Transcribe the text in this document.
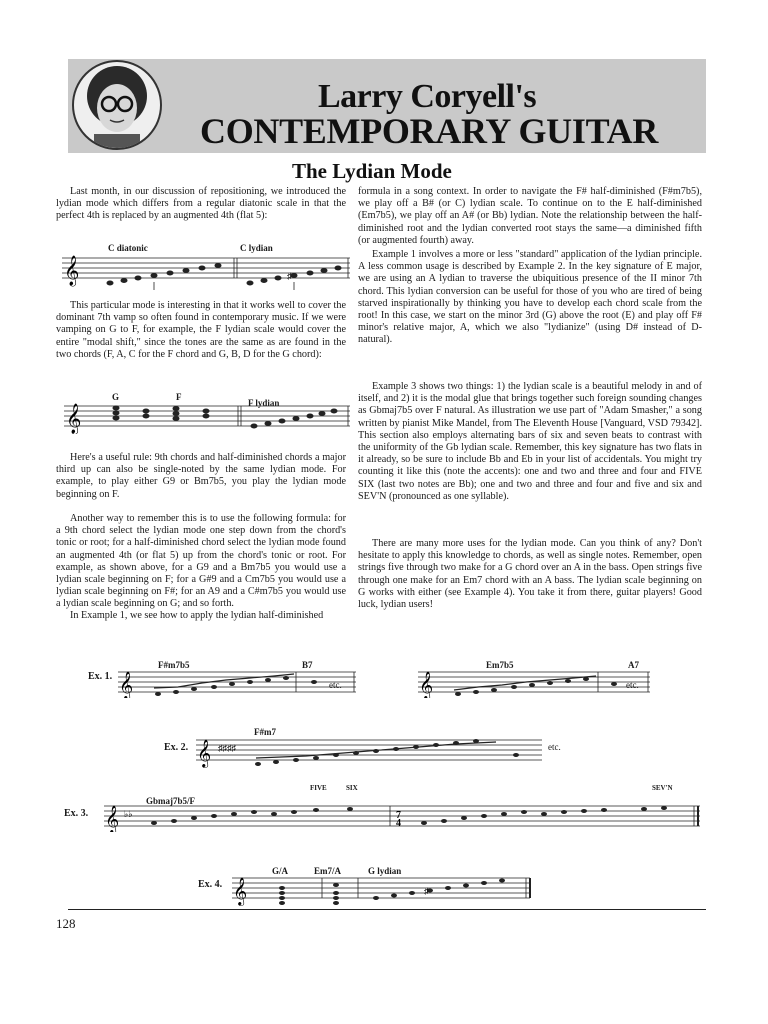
Larry Coryell's
CONTEMPORARY GUITAR
The Lydian Mode

Last month, in our discussion of repositioning, we introduced the lydian mode which differs from a regular diatonic scale in that the perfect 4th is replaced by an augmented 4th (flat 5):

C diatonic	C lydian
𝄞	♯

This particular mode is interesting in that it works well to cover the dominant 7th vamp so often found in contemporary music. If we were vamping on G to F, for example, the F lydian scale would cover the entire "modal shift," since the tones are the same as are found in the two chords (F, A, C for the F chord and G, B, D for the G chord):

G	F
F lydian
𝄞

Here's a useful rule: 9th chords and half-diminished chords a major third up can also be single-noted by the same lydian mode. For example, to play either G9 or Bm7b5, you play the lydian mode beginning on F.

Another way to remember this is to use the following formula: for a 9th chord select the lydian mode one step down from the chord's tonic or root; for a half-diminished chord select the lydian mode found an augmented 4th (or flat 5) up from the chord's tonic or root. For example, as shown above, for a G9 and a Bm7b5 you would use a lydian scale beginning on F; for a G#9 and a Cm7b5 you would use a lydian scale beginning on F#; for an A9 and a C#m7b5 you would use a lydian scale beginning on G; and so forth.

In Example 1, we see how to apply the lydian half-diminished

formula in a song context. In order to navigate the F# half-diminished (F#m7b5), we play off a B# (or C) lydian scale. To continue on to the E half-diminished (Em7b5), we play off an A# (or Bb) lydian. Note the relationship between the half-diminished root and the lydian converted root stays the same—a diminished fifth (or augmented fourth) away.

Example 1 involves a more or less "standard" application of the lydian principle. A less common usage is described by Example 2. In the key signature of E major, we are using an A lydian to traverse the ubiquitious presence of the II minor 7th chord. This lydian conversion can be useful for those of you who are tired of being starved inspirationally by thinking you have to develop each chord scale from the root! In this case, we start on the minor 3rd (G) above the root (E) and play off F# minor's relative major, A, which we also "lydianize" (using D# instead of D-natural).

Example 3 shows two things: 1) the lydian scale is a beautiful melody in and of itself, and 2) it is the modal glue that brings together such foreign sounding changes as Gbmaj7b5 over F natural. As illustration we use part of "Adam Smasher," a song written by pianist Mike Mandel, from The Eleventh House [Vanguard, VSD 79342]. This section also employs alternating bars of six and seven beats to contrast with the uniformity of the Gb lydian scale. Remember, this key signature has two flats in it already, so be sure to include Bb and Eb in your list of accidentals. You might try counting it like this (note the accents): one and two and three and four and FIVE SIX (last two notes are Bb); one and two and three and four and five and six and SEV'N (pronounced as one syllable).

There are many more uses for the lydian mode. Can you think of any? Don't hesitate to apply this knowledge to chords, as well as single notes. Remember, open strings five through two make for a G chord over an A in the bass. Open strings five through one make for an Em7 chord with an A bass. The lydian scale beginning on G works with either (see Example 4). You take it from there, guitar players! Good luck, lydian users!

Ex. 1.
F#m7b5	B7	Em7b5	A7
𝄞	etc.	𝄞	etc.
Ex. 2.
F#m7
𝄞 ♯♯♯♯	etc.
Ex. 3.
Gbmaj7b5/F
FIVE	SIX	SEV'N
𝄞 ♭♭	7
4
Ex. 4.
G/A	Em7/A	G lydian
𝄞	♯
128
